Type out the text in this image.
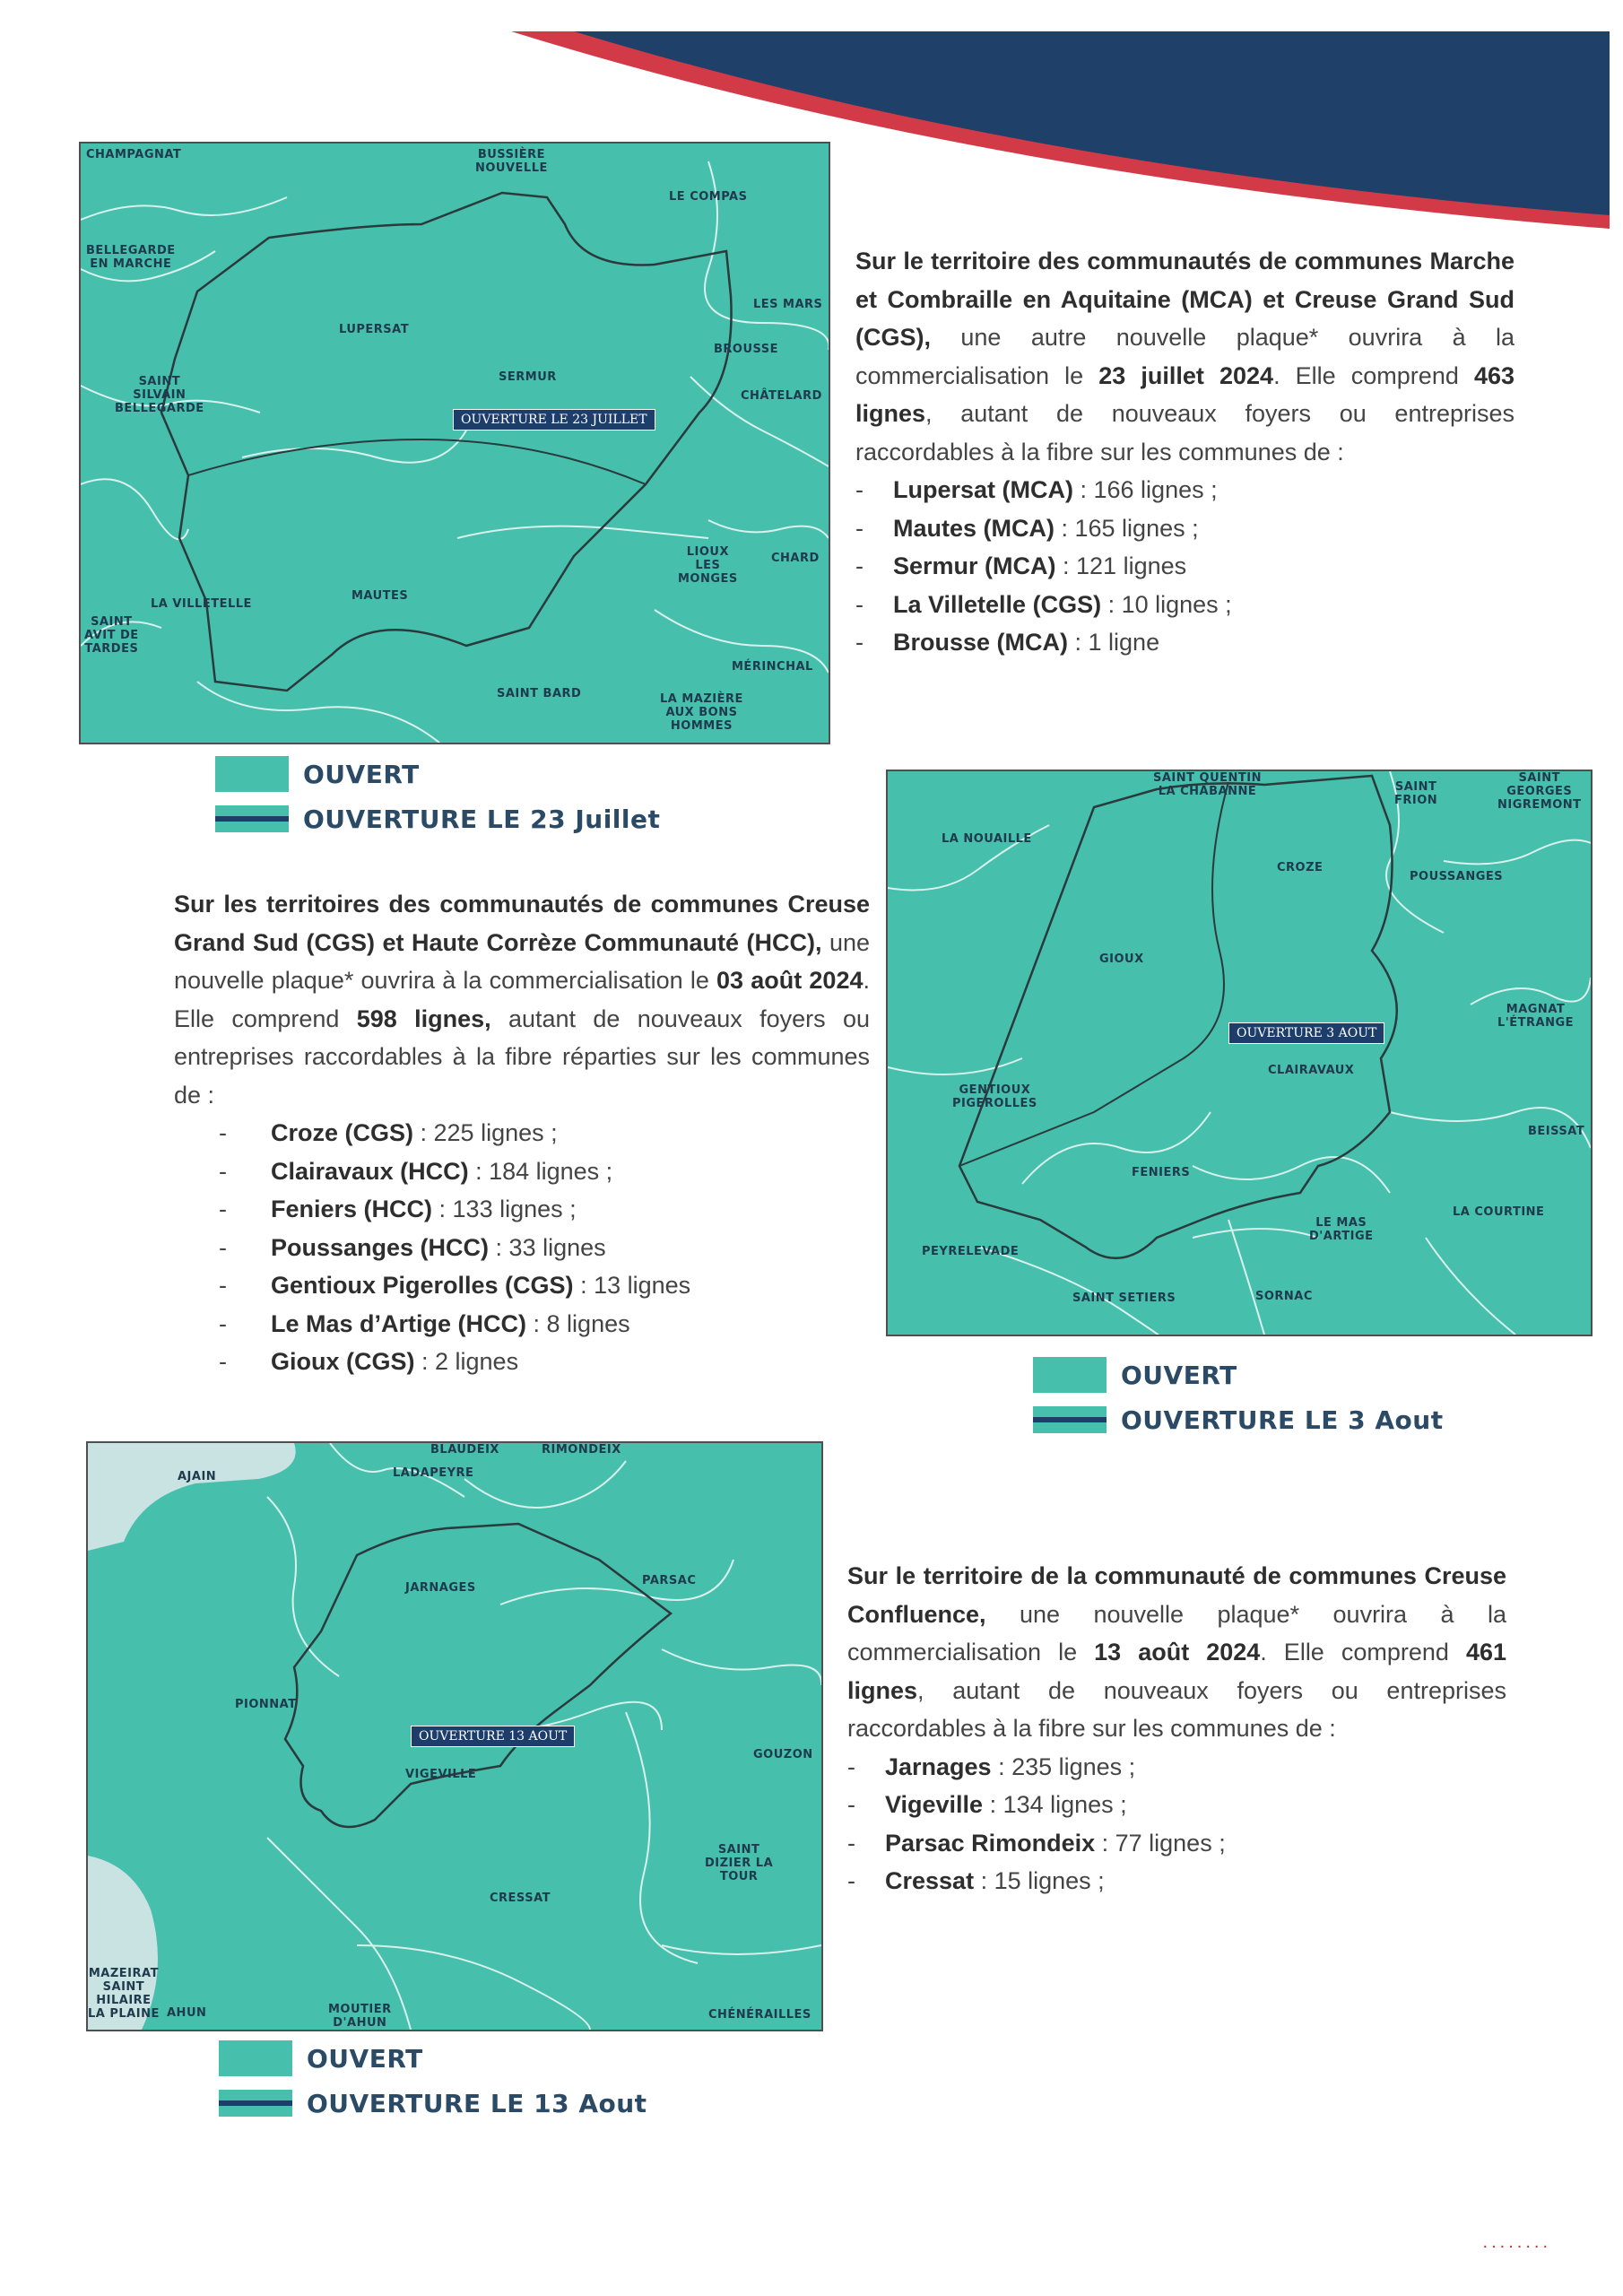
OUVERTURE LE 23 JUILLET
CHAMPAGNAT	BUSSIÈRE
NOUVELLE
LE COMPAS
BELLEGARDE
EN MARCHE
LES MARS
LUPERSAT
BROUSSE
SAINT
SILVAIN
BELLEGARDE
SERMUR
CHÂTELARD
LIOUX
LES
MONGES
CHARD
LA VILLETELLE
MAUTES
SAINT
AVIT DE
TARDES
MÉRINCHAL
SAINT BARD	LA MAZIÈRE
AUX BONS
HOMMES
OUVERT
OUVERTURE LE 23 Juillet

Sur le territoire des communautés de communes Marche et Combraille en Aquitaine (MCA) et Creuse Grand Sud (CGS), une autre nouvelle plaque* ouvrira à la commercialisation le 23 juillet 2024. Elle comprend 463 lignes, autant de nouveaux foyers ou entreprises raccordables à la fibre sur les communes de :

- Lupersat (MCA) : 166 lignes ;
- Mautes (MCA) : 165 lignes ;
- Sermur (MCA) : 121 lignes
- La Villetelle (CGS) : 10 lignes ;
- Brousse (MCA) : 1 ligne

Sur les territoires des communautés de communes Creuse Grand Sud (CGS) et Haute Corrèze Communauté (HCC), une nouvelle plaque* ouvrira à la commercialisation le 03 août 2024. Elle comprend 598 lignes, autant de nouveaux foyers ou entreprises raccordables à la fibre réparties sur les communes de :

- Croze (CGS) : 225 lignes ;
- Clairavaux (HCC) : 184 lignes ;
- Feniers (HCC) : 133 lignes ;
- Poussanges (HCC) : 33 lignes
- Gentioux Pigerolles (CGS) : 13 lignes
- Le Mas d’Artige (HCC) : 8 lignes
- Gioux (CGS) : 2 lignes
OUVERTURE 3 AOUT
SAINT QUENTIN
LA CHABANNE	SAINT
FRION
SAINT
GEORGES
NIGREMONT
LA NOUAILLE
CROZE
POUSSANGES
GIOUX
MAGNAT
L'ÉTRANGE
CLAIRAVAUX
GENTIOUX
PIGEROLLES
BEISSAT
FENIERS
LA COURTINE
LE MAS
D'ARTIGE
PEYRELEVADE
SAINT SETIERS	SORNAC
OUVERT
OUVERTURE LE 3 Aout
OUVERTURE 13 AOUT
BLAUDEIX	RIMONDEIX
AJAIN	LADAPEYRE
JARNAGES
PARSAC
PIONNAT
GOUZON
VIGEVILLE
SAINT
DIZIER LA
TOUR
CRESSAT
MAZEIRAT
SAINT
HILAIRE
LA PLAINE AHUN	MOUTIER
D'AHUN
CHÉNÉRAILLES
OUVERT
OUVERTURE LE 13 Aout

Sur le territoire de la communauté de communes Creuse Confluence, une nouvelle plaque* ouvrira à la commercialisation le 13 août 2024. Elle comprend 461 lignes, autant de nouveaux foyers ou entreprises raccordables à la fibre sur les communes de :

- Jarnages : 235 lignes ;
- Vigeville : 134 lignes ;
- Parsac Rimondeix : 77 lignes ;
- Cressat : 15 lignes ;
........
